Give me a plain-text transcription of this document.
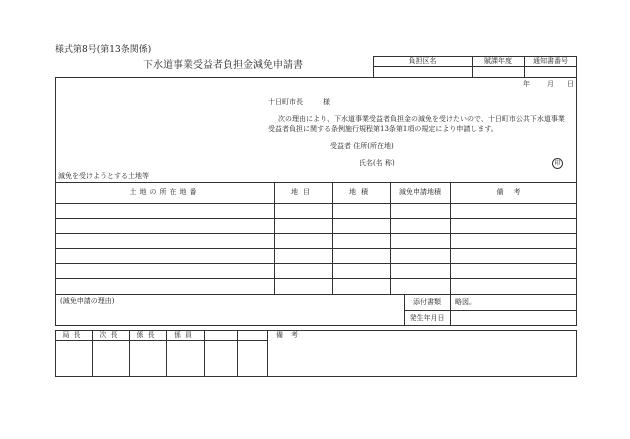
様式第8号(第13条関係)
下水道事業受益者負担金減免申請書	負担区名	賦課年度	通知書番号
年 月 日
十日町市長	様
次の理由により、下水道事業受益者負担金の減免を受けたいので、十日町市公共下水道事業
受益者負担に関する条例施行規程第13条第1項の規定により申請します。
受益者 住所(所在地)
氏名(名 称)	印
減免を受けようとする土地等
土地の所在地番	地目	地積	減免申請地積	備考
(減免申請の理由)	添付書類	略図。
発生年月日
局長	次長	係長	係員	備考
